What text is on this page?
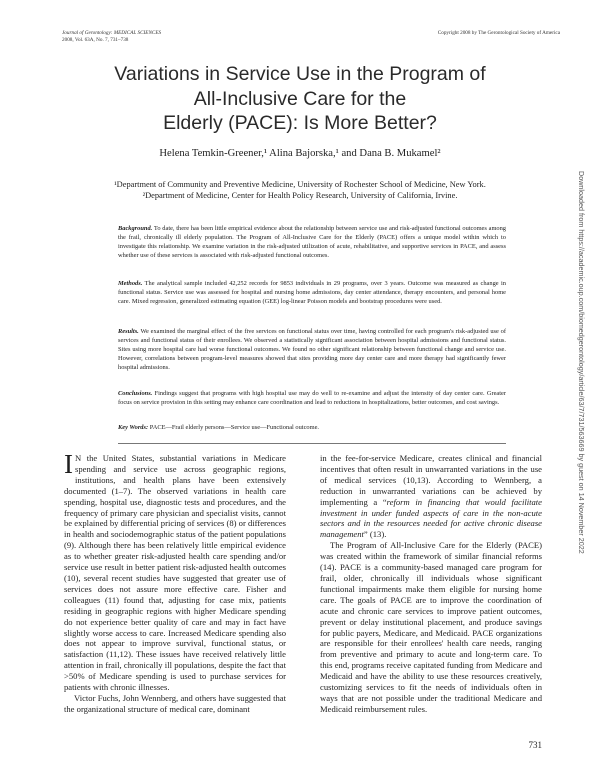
Journal of Gerontology: MEDICAL SCIENCES
2008, Vol. 63A, No. 7, 731–738
Copyright 2008 by The Gerontological Society of America
Variations in Service Use in the Program of
All-Inclusive Care for the
Elderly (PACE): Is More Better?
Helena Temkin-Greener,¹ Alina Bajorska,¹ and Dana B. Mukamel²
¹Department of Community and Preventive Medicine, University of Rochester School of Medicine, New York.
²Department of Medicine, Center for Health Policy Research, University of California, Irvine.
Background. To date, there has been little empirical evidence about the relationship between service use and risk-adjusted functional outcomes among the frail, chronically ill elderly population. The Program of All-Inclusive Care for the Elderly (PACE) offers a unique model within which to investigate this relationship. We examine variation in the risk-adjusted utilization of acute, rehabilitative, and supportive services in PACE, and assess whether use of these services is associated with risk-adjusted functional outcomes.
Methods. The analytical sample included 42,252 records for 9853 individuals in 29 programs, over 3 years. Outcome was measured as change in functional status. Service use was assessed for hospital and nursing home admissions, day center attendance, therapy encounters, and personal home care. Mixed regression, generalized estimating equation (GEE) log-linear Poisson models and bootstrap procedures were used.
Results. We examined the marginal effect of the five services on functional status over time, having controlled for each program's risk-adjusted use of services and functional status of their enrollees. We observed a statistically significant association between hospital admissions and functional status. Sites using more hospital care had worse functional outcomes. We found no other significant relationship between functional change and service use. However, correlations between program-level measures showed that sites providing more day center care and more therapy had significantly fewer hospital admissions.
Conclusions. Findings suggest that programs with high hospital use may do well to re-examine and adjust the intensity of day center care. Greater focus on service provision in this setting may enhance care coordination and lead to reductions in hospitalizations, better outcomes, and cost savings.
Key Words: PACE—Frail elderly persons—Service use—Functional outcome.

I N the United States, substantial variations in Medicare spending and service use across geographic regions, institutions, and health plans have been extensively documented (1–7). The observed variations in health care spending, hospital use, diagnostic tests and procedures, and the frequency of primary care physician and specialist visits, cannot be explained by differential pricing of services (8) or differences in health and sociodemographic status of the patient populations (9). Although there has been relatively little empirical evidence as to whether greater risk-adjusted health care spending and/or service use result in better patient risk-adjusted health outcomes (10), several recent studies have suggested that greater use of services does not assure more effective care. Fisher and colleagues (11) found that, adjusting for case mix, patients residing in geographic regions with higher Medicare spending do not experience better quality of care and may in fact have slightly worse access to care. Increased Medicare spending also does not appear to improve survival, functional status, or satisfaction (11,12). These issues have received relatively little attention in frail, chronically ill populations, despite the fact that >50% of Medicare spending is used to purchase services for patients with chronic illnesses.

Victor Fuchs, John Wennberg, and others have suggested that the organizational structure of medical care, dominant

in the fee-for-service Medicare, creates clinical and financial incentives that often result in unwarranted variations in the use of medical services (10,13). According to Wennberg, a reduction in unwarranted variations can be achieved by implementing a “reform in financing that would facilitate investment in under funded aspects of care in the non-acute sectors and in the resources needed for active chronic disease management” (13).

The Program of All-Inclusive Care for the Elderly (PACE) was created within the framework of similar financial reforms (14). PACE is a community-based managed care program for frail, older, chronically ill individuals whose significant functional impairments make them eligible for nursing home care. The goals of PACE are to improve the coordination of acute and chronic care services to improve patient outcomes, prevent or delay institutional placement, and produce savings for public payers, Medicare, and Medicaid. PACE organizations are responsible for their enrollees' health care needs, ranging from preventive and primary to acute and long-term care. To this end, programs receive capitated funding from Medicare and Medicaid and have the ability to use these resources creatively, customizing services to fit the needs of individuals often in ways that are not possible under the traditional Medicare and Medicaid reimbursement rules.

731
Downloaded from https://academic.oup.com/biomedgerontology/article/63/7/731/563669 by guest on 14 November 2022
